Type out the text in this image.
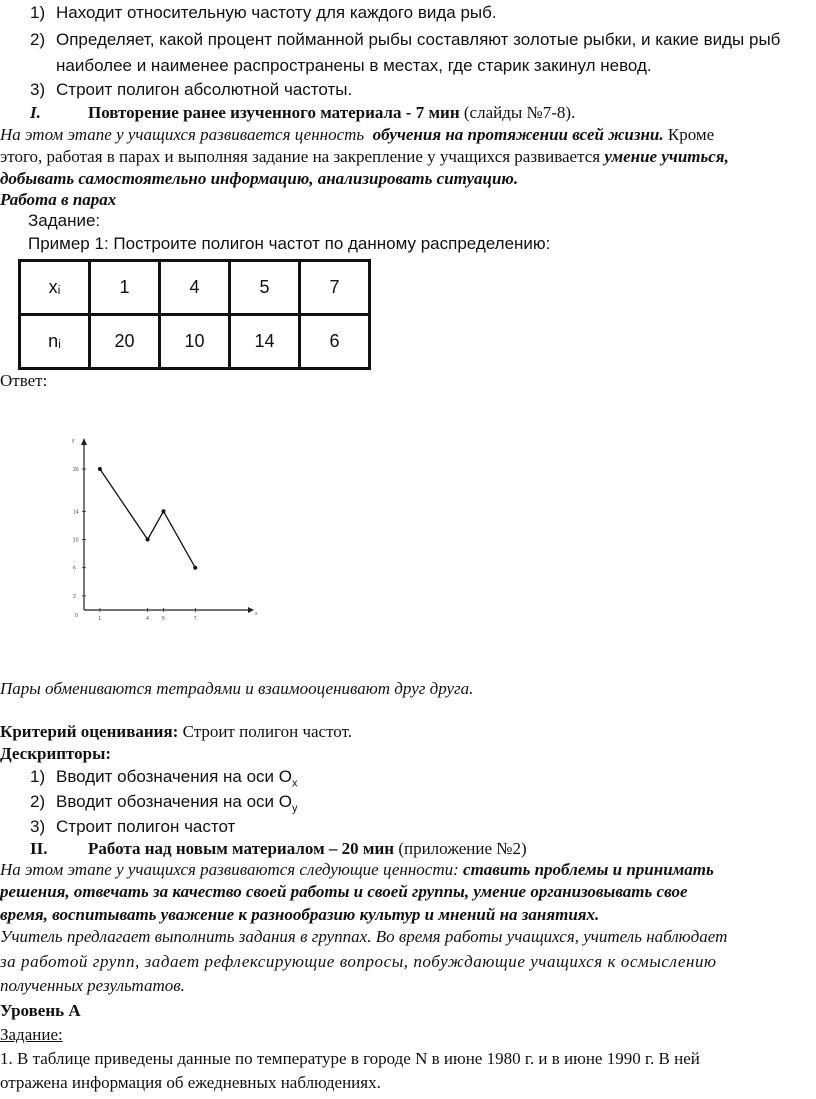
1) Находит относительную частоту для каждого вида рыб.
2) Определяет, какой процент пойманной рыбы составляют золотые рыбки, и какие виды рыб
наиболее и наименее распространены в местах, где старик закинул невод.
3) Строит полигон абсолютной частоты.
I.	Повторение ранее изученного материала - 7 мин (слайды №7-8).
На этом этапе у учащихся развивается ценность обучения на протяжении всей жизни. Кроме
этого, работая в парах и выполняя задание на закрепление у учащихся развивается умение учиться,
добывать самостоятельно информацию, анализировать ситуацию.
Работа в парах
Задание:
Пример 1: Построите полигон частот по данному распределению:
xᵢ	1	4	5	7
nᵢ	20	10	14	6
Ответ:
y
x
0
2
6
10
14
20
1	4	5	7
Пары обмениваются тетрадями и взаимооценивают друг друга.
Критерий оценивания: Строит полигон частот.
Дескрипторы:
1) Вводит обозначения на оси $O_x$
2) Вводит обозначения на оси $O_y$
3) Строит полигон частот
II. Работа над новым материалом – 20 мин (приложение №2)
На этом этапе у учащихся развиваются следующие ценности: ставить проблемы и принимать
решения, отвечать за качество своей работы и своей группы, умение организовывать свое
время, воспитывать уважение к разнообразию культур и мнений на занятиях.
Учитель предлагает выполнить задания в группах. Во время работы учащихся, учитель наблюдает
за работой групп, задает рефлексирующие вопросы, побуждающие учащихся к осмыслению
полученных результатов.
Уровень А
Задание:
1. В таблице приведены данные по температуре в городе N в июне 1980 г. и в июне 1990 г. В ней
отражена информация об ежедневных наблюдениях.
